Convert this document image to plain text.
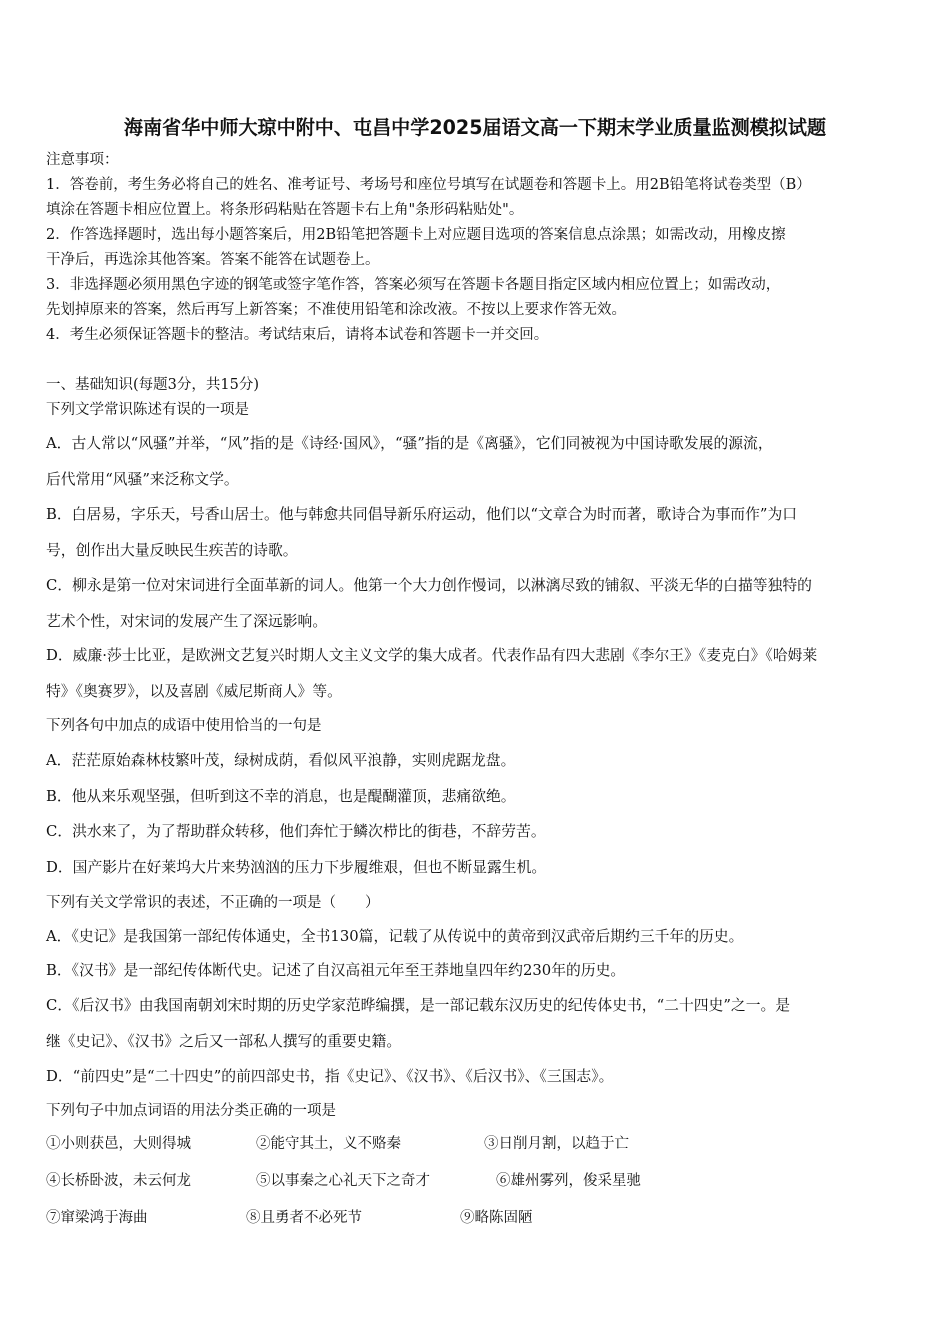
海南省华中师大琼中附中、屯昌中学2025届语文高一下期末学业质量监测模拟试题
注意事项：
1．答卷前，考生务必将自己的姓名、准考证号、考场号和座位号填写在试题卷和答题卡上。用2B铅笔将试卷类型（B）
填涂在答题卡相应位置上。将条形码粘贴在答题卡右上角"条形码粘贴处"。
2．作答选择题时，选出每小题答案后，用2B铅笔把答题卡上对应题目选项的答案信息点涂黑；如需改动，用橡皮擦
干净后，再选涂其他答案。答案不能答在试题卷上。
3．非选择题必须用黑色字迹的钢笔或签字笔作答，答案必须写在答题卡各题目指定区域内相应位置上；如需改动，
先划掉原来的答案，然后再写上新答案；不准使用铅笔和涂改液。不按以上要求作答无效。
4．考生必须保证答题卡的整洁。考试结束后，请将本试卷和答题卡一并交回。
一、基础知识(每题3分，共15分)
下列文学常识陈述有误的一项是
A．古人常以“风骚”并举，“风”指的是《诗经·国风》，“骚”指的是《离骚》，它们同被视为中国诗歌发展的源流，
后代常用“风骚”来泛称文学。
B．白居易，字乐天，号香山居士。他与韩愈共同倡导新乐府运动，他们以“文章合为时而著，歌诗合为事而作”为口
号，创作出大量反映民生疾苦的诗歌。
C．柳永是第一位对宋词进行全面革新的词人。他第一个大力创作慢词，以淋漓尽致的铺叙、平淡无华的白描等独特的
艺术个性，对宋词的发展产生了深远影响。
D．威廉·莎士比亚，是欧洲文艺复兴时期人文主义文学的集大成者。代表作品有四大悲剧《李尔王》《麦克白》《哈姆莱
特》《奥赛罗》，以及喜剧《威尼斯商人》等。
下列各句中加点的成语中使用恰当的一句是
A．茫茫原始森林枝繁叶茂，绿树成荫，看似风平浪静，实则虎踞龙盘。
B．他从来乐观坚强，但听到这不幸的消息，也是醍醐灌顶，悲痛欲绝。
C．洪水来了，为了帮助群众转移，他们奔忙于鳞次栉比的街巷，不辞劳苦。
D．国产影片在好莱坞大片来势汹汹的压力下步履维艰，但也不断显露生机。
下列有关文学常识的表述，不正确的一项是（　　）
A．《史记》是我国第一部纪传体通史，全书130篇，记载了从传说中的黄帝到汉武帝后期约三千年的历史。
B．《汉书》是一部纪传体断代史。记述了自汉高祖元年至王莽地皇四年约230年的历史。
C．《后汉书》由我国南朝刘宋时期的历史学家范晔编撰，是一部记载东汉历史的纪传体史书，“二十四史”之一。是
继《史记》、《汉书》之后又一部私人撰写的重要史籍。
D．“前四史”是“二十四史”的前四部史书，指《史记》、《汉书》、《后汉书》、《三国志》。
下列句子中加点词语的用法分类正确的一项是
①小则获邑，大则得城	②能守其土，义不赂秦	③日削月割，以趋于亡
④长桥卧波，未云何龙	⑤以事秦之心礼天下之奇才	⑥雄州雾列，俊采星驰
⑦窜梁鸿于海曲	⑧且勇者不必死节	⑨略陈固陋
